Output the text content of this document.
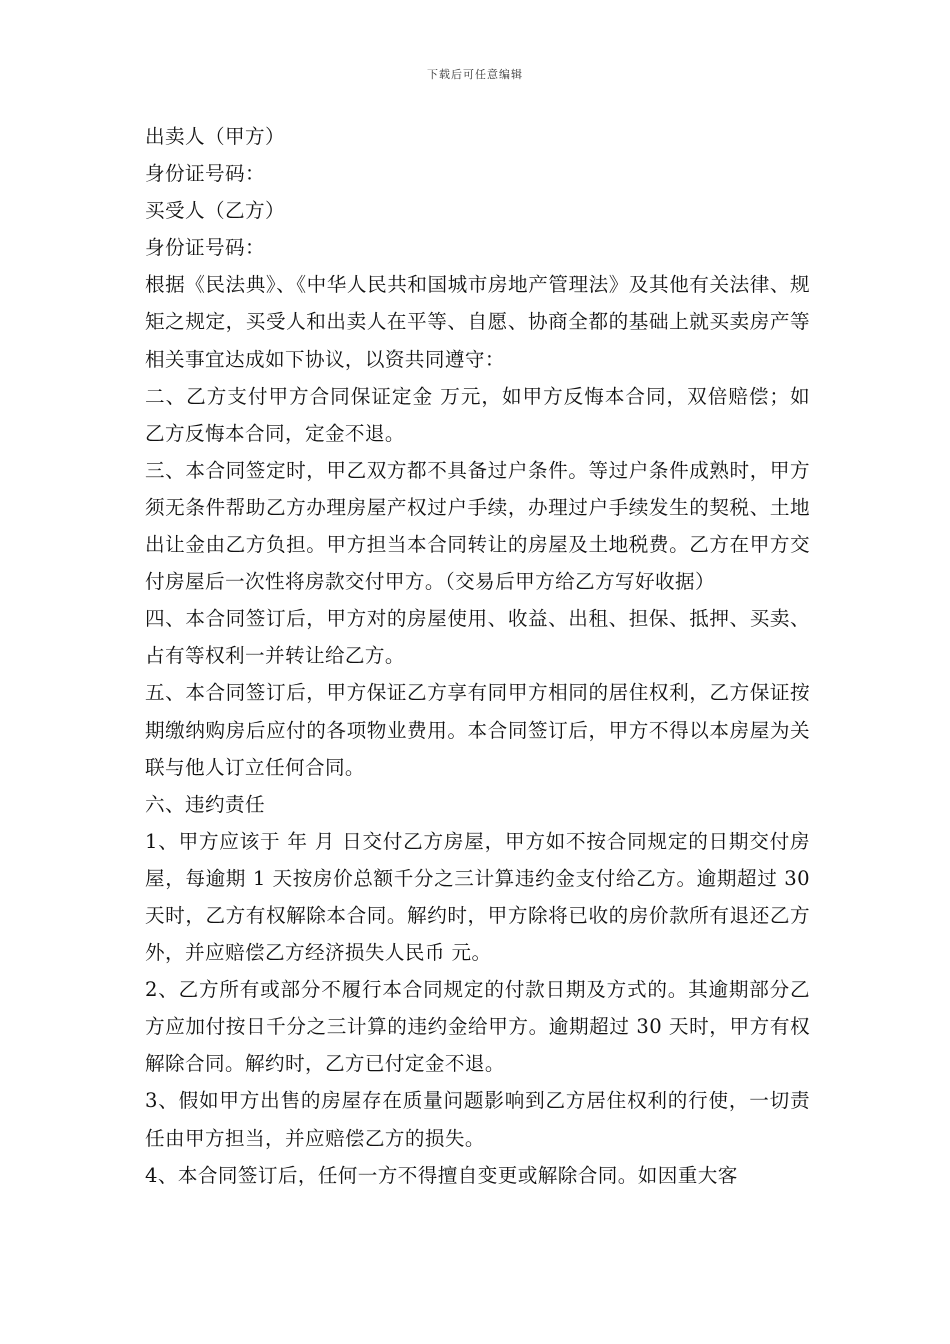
下载后可任意编辑

出卖人（甲方）

身份证号码：

买受人（乙方）

身份证号码：

根据《民法典》、《中华人民共和国城市房地产管理法》及其他有关法律、规矩之规定，买受人和出卖人在平等、自愿、协商全都的基础上就买卖房产等相关事宜达成如下协议，以资共同遵守：

二、乙方支付甲方合同保证定金 万元，如甲方反悔本合同，双倍赔偿；如乙方反悔本合同，定金不退。

三、本合同签定时，甲乙双方都不具备过户条件。等过户条件成熟时，甲方须无条件帮助乙方办理房屋产权过户手续，办理过户手续发生的契税、土地出让金由乙方负担。甲方担当本合同转让的房屋及土地税费。乙方在甲方交付房屋后一次性将房款交付甲方。（交易后甲方给乙方写好收据）

四、本合同签订后，甲方对的房屋使用、收益、出租、担保、抵押、买卖、占有等权利一并转让给乙方。

五、本合同签订后，甲方保证乙方享有同甲方相同的居住权利，乙方保证按期缴纳购房后应付的各项物业费用。本合同签订后，甲方不得以本房屋为关联与他人订立任何合同。

六、违约责任

1、甲方应该于 年 月 日交付乙方房屋，甲方如不按合同规定的日期交付房屋，每逾期 1 天按房价总额千分之三计算违约金支付给乙方。逾期超过 30 天时，乙方有权解除本合同。解约时，甲方除将已收的房价款所有退还乙方外，并应赔偿乙方经济损失人民币 元。

2、乙方所有或部分不履行本合同规定的付款日期及方式的。其逾期部分乙方应加付按日千分之三计算的违约金给甲方。逾期超过 30 天时，甲方有权解除合同。解约时，乙方已付定金不退。

3、假如甲方出售的房屋存在质量问题影响到乙方居住权利的行使，一切责任由甲方担当，并应赔偿乙方的损失。

4、本合同签订后，任何一方不得擅自变更或解除合同。如因重大客
